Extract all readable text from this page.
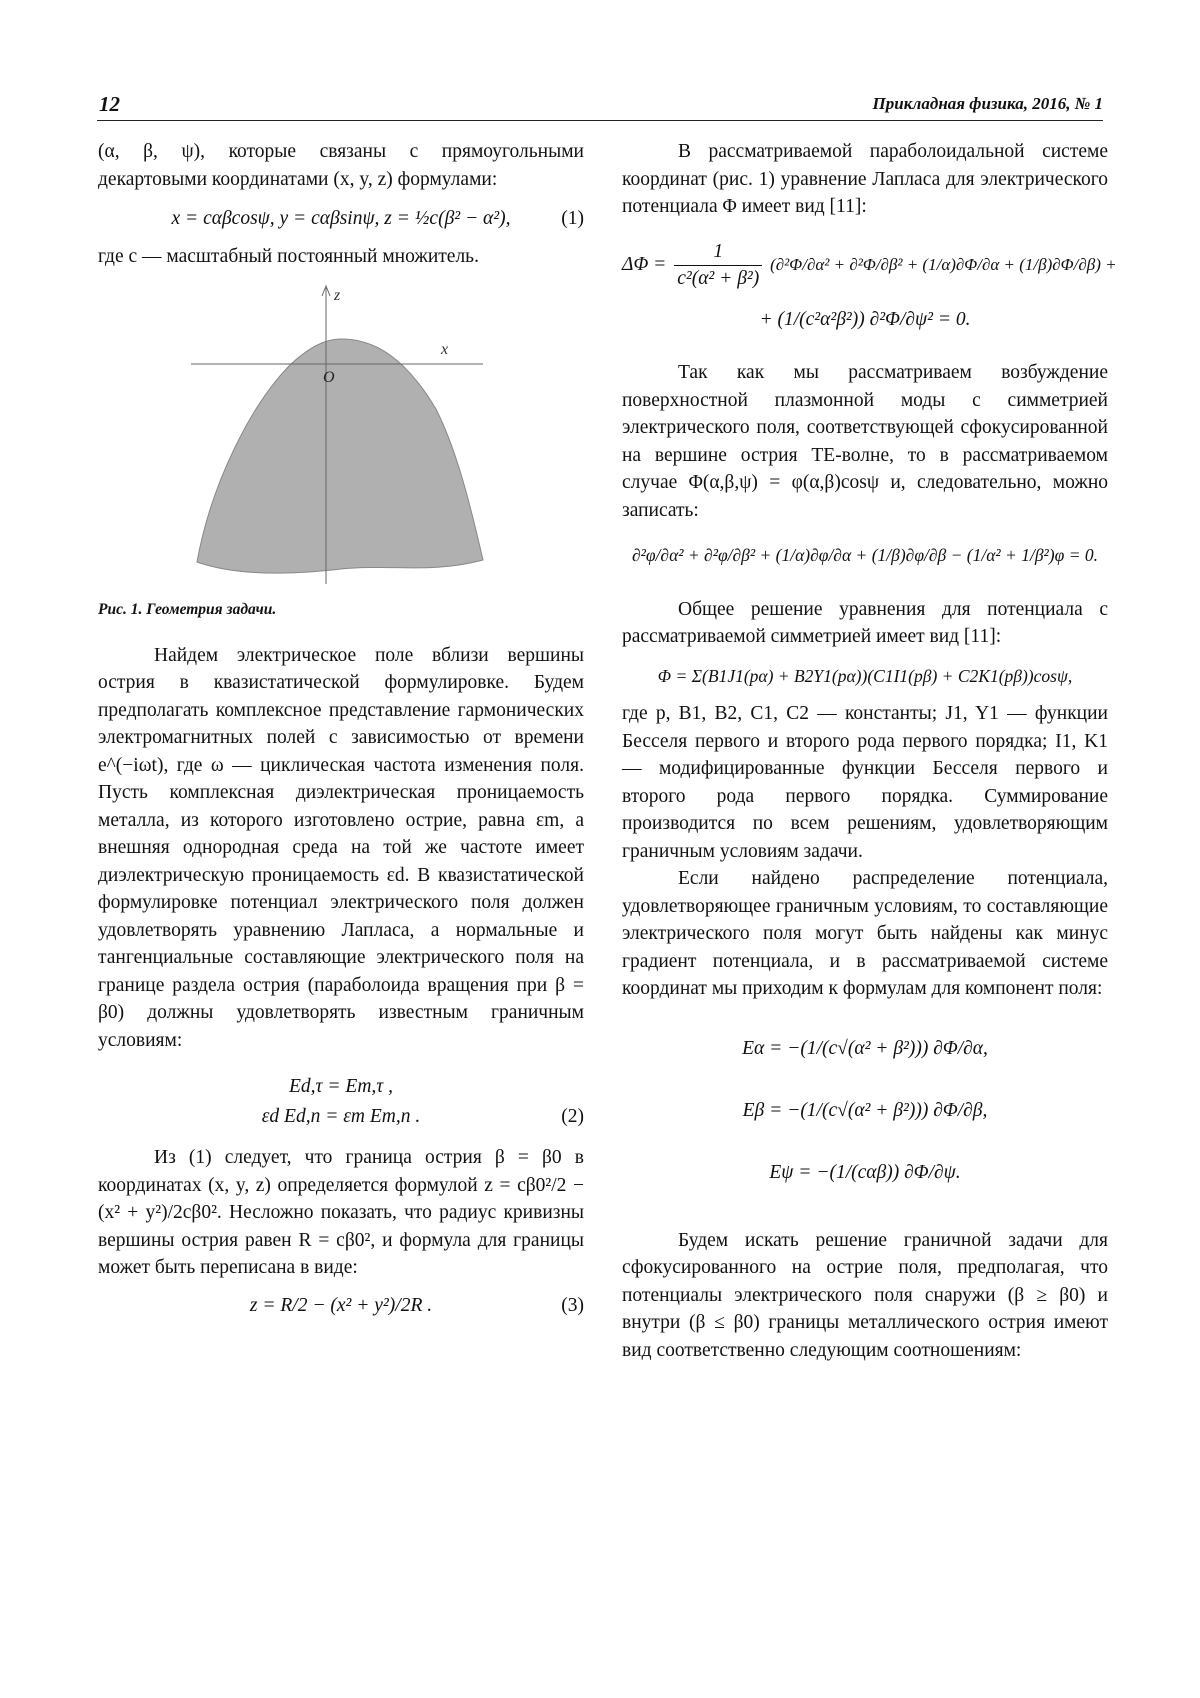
12	Прикладная физика, 2016, № 1

(α, β, ψ), которые связаны с прямоугольными декартовыми координатами (x, y, z) формулами:

x = cαβcosψ, y = cαβsinψ, z = ½c(β² − α²),	(1)

где c — масштабный постоянный множитель.

z
x
O
Рис. 1. Геометрия задачи.

Найдем электрическое поле вблизи вершины острия в квазистатической формулировке. Будем предполагать комплексное представление гармонических электромагнитных полей с зависимостью от времени e^(−iωt), где ω — циклическая частота изменения поля. Пусть комплексная диэлектрическая проницаемость металла, из которого изготовлено острие, равна εm, а внешняя однородная среда на той же частоте имеет диэлектрическую проницаемость εd. В квазистатической формулировке потенциал электрического поля должен удовлетворять уравнению Лапласа, а нормальные и тангенциальные составляющие электрического поля на границе раздела острия (параболоида вращения при β = β0) должны удовлетворять известным граничным условиям:

Ed,τ = Em,τ ,
εd Ed,n = εm Em,n .	(2)

Из (1) следует, что граница острия β = β0 в координатах (x, y, z) определяется формулой z = cβ0²/2 − (x² + y²)/2cβ0². Несложно показать, что радиус кривизны вершины острия равен R = cβ0², и формула для границы может быть переписана в виде:

z = R/2 − (x² + y²)/2R .	(3)

В рассматриваемой параболоидальной системе координат (рис. 1) уравнение Лапласа для электрического потенциала Φ имеет вид [11]:

$\Delta\Phi = \frac{1}{\text{c²(α² + β²)}} (\partial^2\Phi/\partial\alpha^2 + \partial^2\Phi/\partial\beta^2 + (1/\alpha)\partial\Phi/\partial\alpha + (1/\beta)\partial\Phi/\partial\beta)$ +
+ (1/(c²α²β²)) ∂²Φ/∂ψ² = 0.

Так как мы рассматриваем возбуждение поверхностной плазмонной моды с симметрией электрического поля, соответствующей сфокусированной на вершине острия TE-волне, то в рассматриваемом случае Φ(α,β,ψ) = φ(α,β)cosψ и, следовательно, можно записать:

∂²φ/∂α² + ∂²φ/∂β² + (1/α)∂φ/∂α + (1/β)∂φ/∂β − (1/α² + 1/β²)φ = 0.

Общее решение уравнения для потенциала с рассматриваемой симметрией имеет вид [11]:

Φ = Σ(B1J1(pα) + B2Y1(pα))(C1I1(pβ) + C2K1(pβ))cosψ,

где p, B1, B2, C1, C2 — константы; J1, Y1 — функции Бесселя первого и второго рода первого порядка; I1, K1 — модифицированные функции Бесселя первого и второго рода первого порядка. Суммирование производится по всем решениям, удовлетворяющим граничным условиям задачи.

Если найдено распределение потенциала, удовлетворяющее граничным условиям, то составляющие электрического поля могут быть найдены как минус градиент потенциала, и в рассматриваемой системе координат мы приходим к формулам для компонент поля:

Eα = −(1/(c√(α² + β²))) ∂Φ/∂α,
Eβ = −(1/(c√(α² + β²))) ∂Φ/∂β,
Eψ = −(1/(cαβ)) ∂Φ/∂ψ.

Будем искать решение граничной задачи для сфокусированного на острие поля, предполагая, что потенциалы электрического поля снаружи (β ≥ β0) и внутри (β ≤ β0) границы металлического острия имеют вид соответственно следующим соотношениям:
